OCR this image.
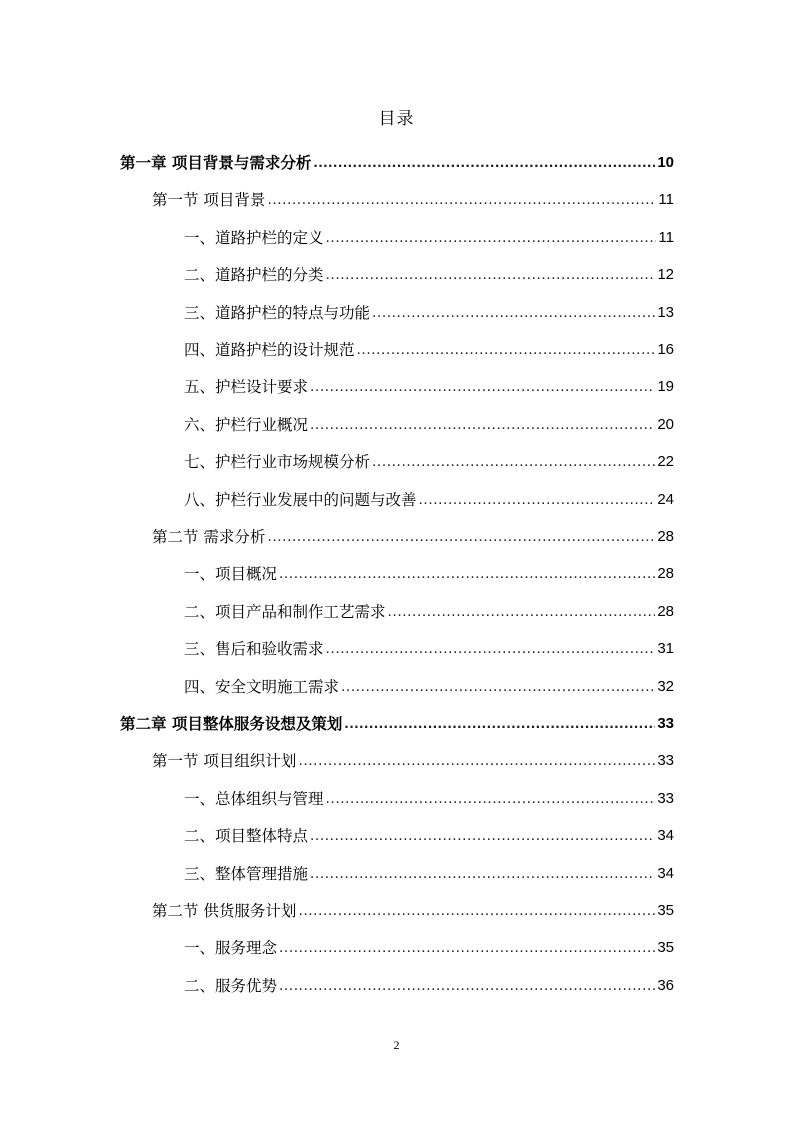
目录
第一章 项目背景与需求分析 .....	10
第一节 项目背景 .....	11
一、道路护栏的定义 .....	11
二、道路护栏的分类 .....	12
三、道路护栏的特点与功能 .....	13
四、道路护栏的设计规范 .....	16
五、护栏设计要求 .....	19
六、护栏行业概况 .....	20
七、护栏行业市场规模分析 .....	22
八、护栏行业发展中的问题与改善 .....	24
第二节 需求分析 .....	28
一、项目概况 .....	28
二、项目产品和制作工艺需求 .....	28
三、售后和验收需求 .....	31
四、安全文明施工需求 .....	32
第二章 项目整体服务设想及策划 .....	33
第一节 项目组织计划 .....	33
一、总体组织与管理 .....	33
二、项目整体特点 .....	34
三、整体管理措施 .....	34
第二节 供货服务计划 .....	35
一、服务理念 .....	35
二、服务优势 .....	36
2
